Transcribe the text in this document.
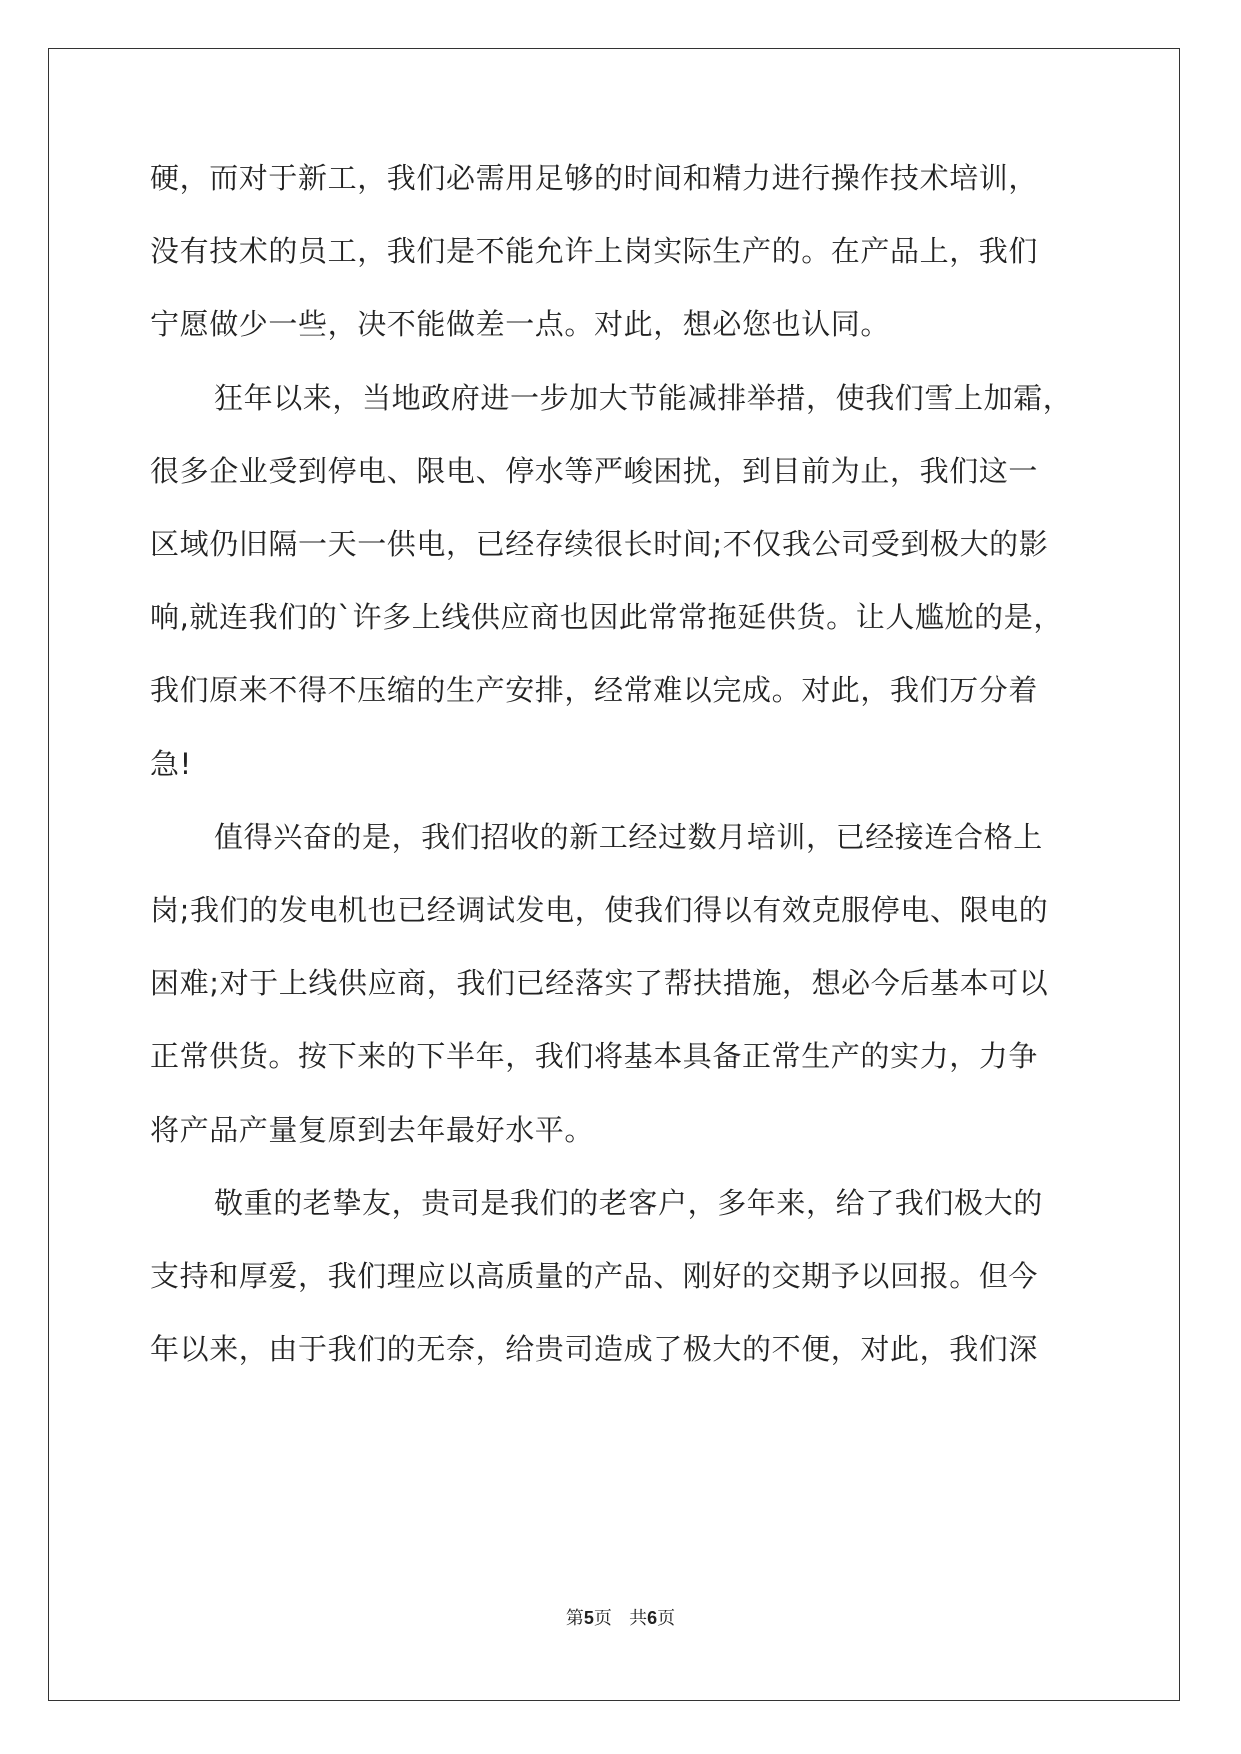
硬，而对于新工，我们必需用足够的时间和精力进行操作技术培训，
没有技术的员工，我们是不能允许上岗实际生产的。在产品上，我们
宁愿做少一些，决不能做差一点。对此，想必您也认同。
狂年以来，当地政府进一步加大节能减排举措，使我们雪上加霜，
很多企业受到停电、限电、停水等严峻困扰，到目前为止，我们这一
区域仍旧隔一天一供电，已经存续很长时间;不仅我公司受到极大的影
响,就连我们的`许多上线供应商也因此常常拖延供货。让人尴尬的是，
我们原来不得不压缩的生产安排，经常难以完成。对此，我们万分着
急!
值得兴奋的是，我们招收的新工经过数月培训，已经接连合格上
岗;我们的发电机也已经调试发电，使我们得以有效克服停电、限电的
困难;对于上线供应商，我们已经落实了帮扶措施，想必今后基本可以
正常供货。按下来的下半年，我们将基本具备正常生产的实力，力争
将产品产量复原到去年最好水平。
敬重的老挚友，贵司是我们的老客户，多年来，给了我们极大的
支持和厚爱，我们理应以高质量的产品、刚好的交期予以回报。但今
年以来，由于我们的无奈，给贵司造成了极大的不便，对此，我们深
第5页   共6页
